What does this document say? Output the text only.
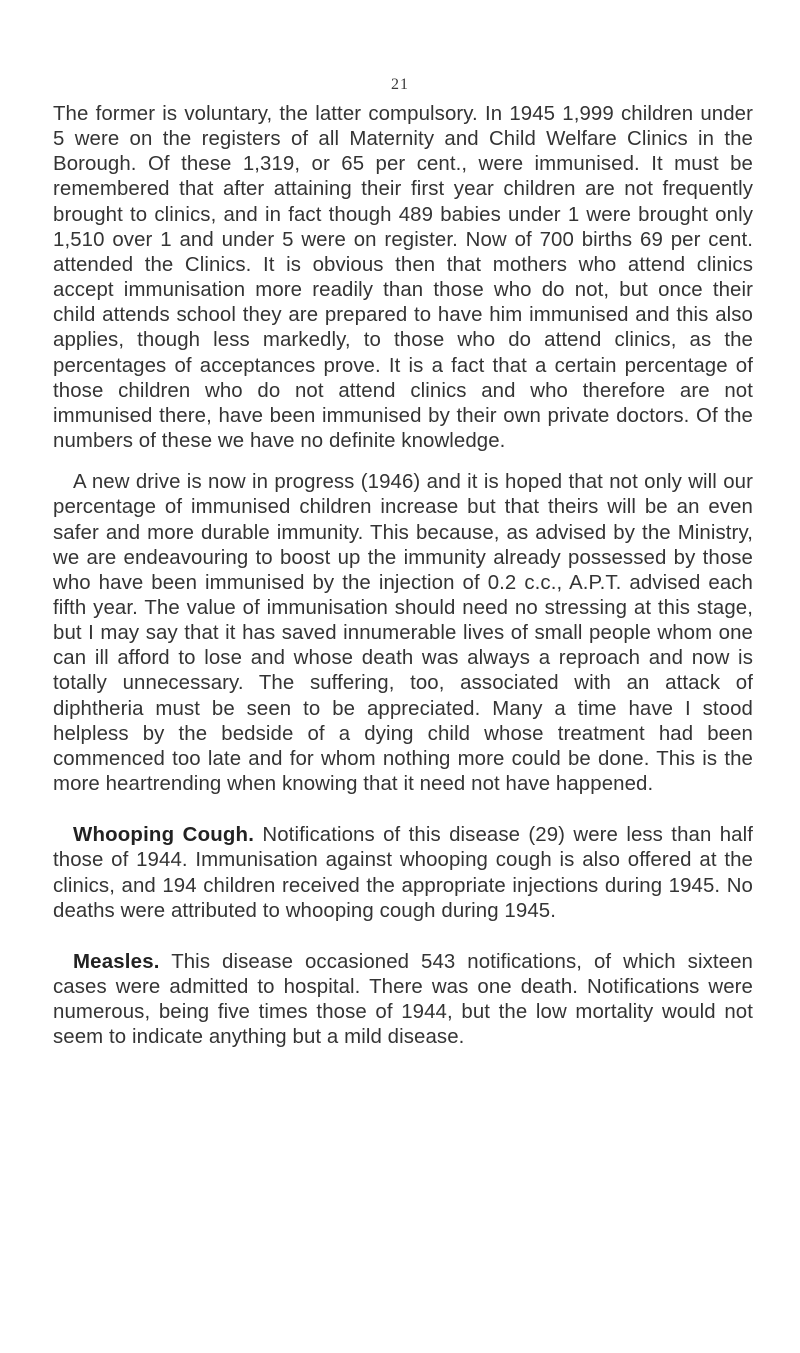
21

The former is voluntary, the latter compulsory. In 1945 1,999 children under 5 were on the registers of all Maternity and Child Welfare Clinics in the Borough. Of these 1,319, or 65 per cent., were immunised. It must be remembered that after attaining their first year children are not frequently brought to clinics, and in fact though 489 babies under 1 were brought only 1,510 over 1 and under 5 were on register. Now of 700 births 69 per cent. attended the Clinics. It is obvious then that mothers who attend clinics accept immunisation more readily than those who do not, but once their child attends school they are prepared to have him immunised and this also applies, though less markedly, to those who do attend clinics, as the percentages of acceptances prove. It is a fact that a certain percentage of those children who do not attend clinics and who therefore are not immunised there, have been immunised by their own private doctors. Of the numbers of these we have no definite knowledge.

A new drive is now in progress (1946) and it is hoped that not only will our percentage of immunised children increase but that theirs will be an even safer and more durable immunity. This because, as advised by the Ministry, we are endeavouring to boost up the immunity already possessed by those who have been immunised by the injection of 0.2 c.c., A.P.T. advised each fifth year. The value of immunisation should need no stressing at this stage, but I may say that it has saved innumerable lives of small people whom one can ill afford to lose and whose death was always a reproach and now is totally unnecessary. The suffering, too, associated with an attack of diphtheria must be seen to be appreciated. Many a time have I stood helpless by the bedside of a dying child whose treatment had been commenced too late and for whom nothing more could be done. This is the more heartrending when knowing that it need not have happened.

Whooping Cough. Notifications of this disease (29) were less than half those of 1944. Immunisation against whooping cough is also offered at the clinics, and 194 children received the appropriate injections during 1945. No deaths were attributed to whooping cough during 1945.

Measles. This disease occasioned 543 notifications, of which sixteen cases were admitted to hospital. There was one death. Notifications were numerous, being five times those of 1944, but the low mortality would not seem to indicate anything but a mild disease.
